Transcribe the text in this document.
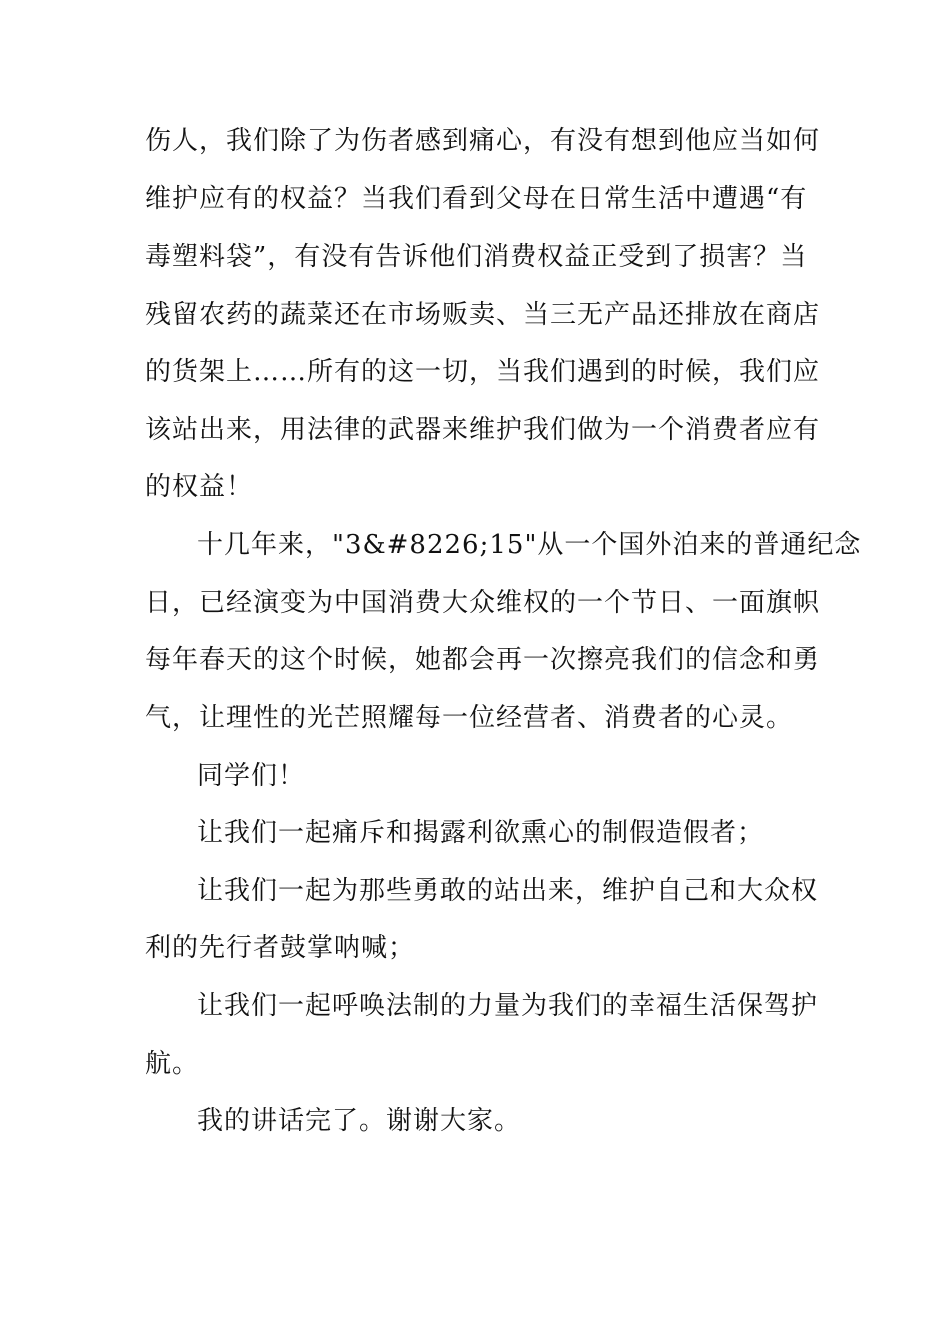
伤人，我们除了为伤者感到痛心，有没有想到他应当如何
维护应有的权益？当我们看到父母在日常生活中遭遇“有
毒塑料袋”，有没有告诉他们消费权益正受到了损害？当
残留农药的蔬菜还在市场贩卖、当三无产品还排放在商店
的货架上……所有的这一切，当我们遇到的时候，我们应
该站出来，用法律的武器来维护我们做为一个消费者应有
的权益！
十几年来，"3&#8226;15"从一个国外泊来的普通纪念
日，已经演变为中国消费大众维权的一个节日、一面旗帜
每年春天的这个时候，她都会再一次擦亮我们的信念和勇
气，让理性的光芒照耀每一位经营者、消费者的心灵。
同学们！
让我们一起痛斥和揭露利欲熏心的制假造假者；
让我们一起为那些勇敢的站出来，维护自己和大众权
利的先行者鼓掌呐喊；
让我们一起呼唤法制的力量为我们的幸福生活保驾护
航。
我的讲话完了。谢谢大家。
